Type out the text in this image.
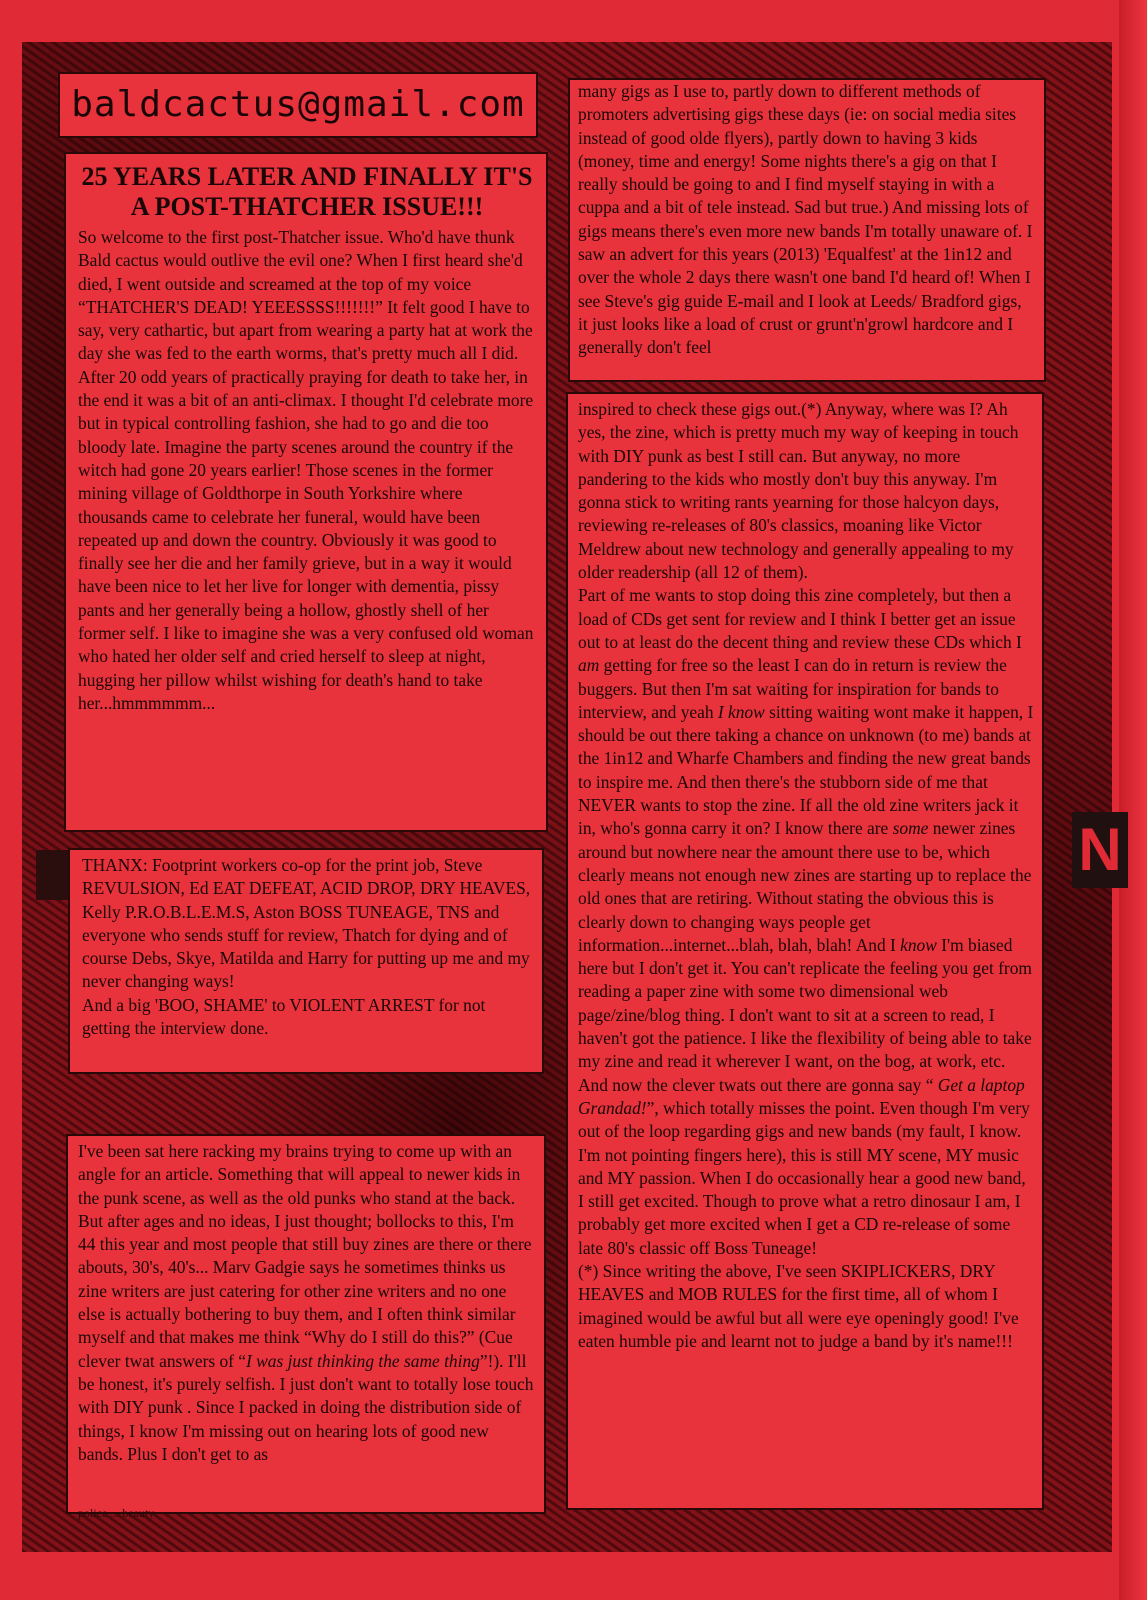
N
baldcactus@gmail.com
25 YEARS LATER AND FINALLY IT'S A POST-THATCHER ISSUE!!!

So welcome to the first post-Thatcher issue. Who'd have thunk Bald cactus would outlive the evil one? When I first heard she'd died, I went outside and screamed at the top of my voice “THATCHER'S DEAD! YEEESSSS!!!!!!!” It felt good I have to say, very cathartic, but apart from wearing a party hat at work the day she was fed to the earth worms, that's pretty much all I did. After 20 odd years of practically praying for death to take her, in the end it was a bit of an anti-climax. I thought I'd celebrate more but in typical controlling fashion, she had to go and die too bloody late. Imagine the party scenes around the country if the witch had gone 20 years earlier! Those scenes in the former mining village of Goldthorpe in South Yorkshire where thousands came to celebrate her funeral, would have been repeated up and down the country. Obviously it was good to finally see her die and her family grieve, but in a way it would have been nice to let her live for longer with dementia, pissy pants and her generally being a hollow, ghostly shell of her former self. I like to imagine she was a very confused old woman who hated her older self and cried herself to sleep at night, hugging her pillow whilst wishing for death's hand to take her...hmmmmmm...

THANX: Footprint workers co-op for the print job, Steve REVULSION, Ed EAT DEFEAT, ACID DROP, DRY HEAVES, Kelly P.R.O.B.L.E.M.S, Aston BOSS TUNEAGE, TNS and everyone who sends stuff for review, Thatch for dying and of course Debs, Skye, Matilda and Harry for putting up me and my never changing ways!

And a big 'BOO, SHAME' to VIOLENT ARREST for not getting the interview done.

I've been sat here racking my brains trying to come up with an angle for an article. Something that will appeal to newer kids in the punk scene, as well as the old punks who stand at the back. But after ages and no ideas, I just thought; bollocks to this, I'm 44 this year and most people that still buy zines are there or there abouts, 30's, 40's... Marv Gadgie says he sometimes thinks us zine writers are just catering for other zine writers and no one else is actually bothering to buy them, and I often think similar myself and that makes me think “Why do I still do this?” (Cue clever twat answers of “I was just thinking the same thing”!). I'll be honest, it's purely selfish. I just don't want to totally lose touch with DIY punk . Since I packed in doing the distribution side of things, I know I'm missing out on hearing lots of good new bands. Plus I don't get to as

many gigs as I use to, partly down to different methods of promoters advertising gigs these days (ie: on social media sites instead of good olde flyers), partly down to having 3 kids (money, time and energy! Some nights there's a gig on that I really should be going to and I find myself staying in with a cuppa and a bit of tele instead. Sad but true.) And missing lots of gigs means there's even more new bands I'm totally unaware of. I saw an advert for this years (2013) 'Equalfest' at the 1in12 and over the whole 2 days there wasn't one band I'd heard of! When I see Steve's gig guide E-mail and I look at Leeds/ Bradford gigs, it just looks like a load of crust or grunt'n'growl hardcore and I generally don't feel

inspired to check these gigs out.(*) Anyway, where was I? Ah yes, the zine, which is pretty much my way of keeping in touch with DIY punk as best I still can. But anyway, no more pandering to the kids who mostly don't buy this anyway. I'm gonna stick to writing rants yearning for those halcyon days, reviewing re-releases of 80's classics, moaning like Victor Meldrew about new technology and generally appealing to my older readership (all 12 of them).

Part of me wants to stop doing this zine completely, but then a load of CDs get sent for review and I think I better get an issue out to at least do the decent thing and review these CDs which I am getting for free so the least I can do in return is review the buggers. But then I'm sat waiting for inspiration for bands to interview, and yeah I know sitting waiting wont make it happen, I should be out there taking a chance on unknown (to me) bands at the 1in12 and Wharfe Chambers and finding the new great bands to inspire me. And then there's the stubborn side of me that NEVER wants to stop the zine. If all the old zine writers jack it in, who's gonna carry it on? I know there are some newer zines around but nowhere near the amount there use to be, which clearly means not enough new zines are starting up to replace the old ones that are retiring. Without stating the obvious this is clearly down to changing ways people get information...internet...blah, blah, blah! And I know I'm biased here but I don't get it. You can't replicate the feeling you get from reading a paper zine with some two dimensional web page/zine/blog thing. I don't want to sit at a screen to read, I haven't got the patience. I like the flexibility of being able to take my zine and read it wherever I want, on the bog, at work, etc. And now the clever twats out there are gonna say “ Get a laptop Grandad!”, which totally misses the point. Even though I'm very out of the loop regarding gigs and new bands (my fault, I know. I'm not pointing fingers here), this is still MY scene, MY music and MY passion. When I do occasionally hear a good new band, I still get excited. Though to prove what a retro dinosaur I am, I probably get more excited when I get a CD re-release of some late 80's classic off Boss Tuneage!

(*) Since writing the above, I've seen SKIPLICKERS, DRY HEAVES and MOB RULES for the first time, all of whom I imagined would be awful but all were eye openingly good! I've eaten humble pie and learnt not to judge a band by it's name!!!

police ... beauty
